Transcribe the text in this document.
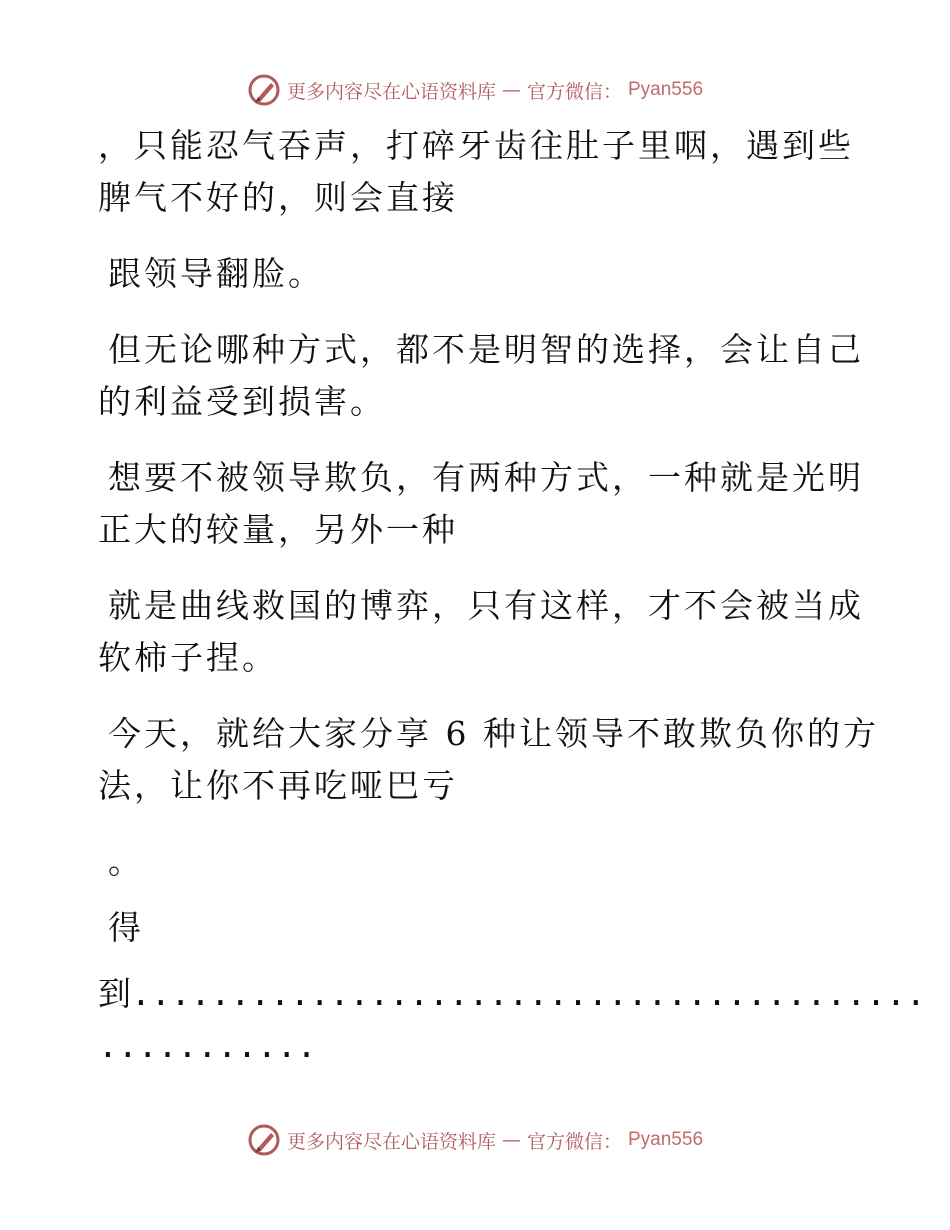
更多内容尽在心语资料库 — 官方微信： Pyan556
，只能忍气吞声，打碎牙齿往肚子里咽，遇到些
脾气不好的，则会直接
跟领导翻脸。
但无论哪种方式，都不是明智的选择，会让自己
的利益受到损害。
想要不被领导欺负，有两种方式，一种就是光明
正大的较量，另外一种
就是曲线救国的博弈，只有这样，才不会被当成
软柿子捏。
今天，就给大家分享 6 种让领导不敢欺负你的方
法，让你不再吃哑巴亏
。
得
到........................................
...........
更多内容尽在心语资料库 — 官方微信： Pyan556
